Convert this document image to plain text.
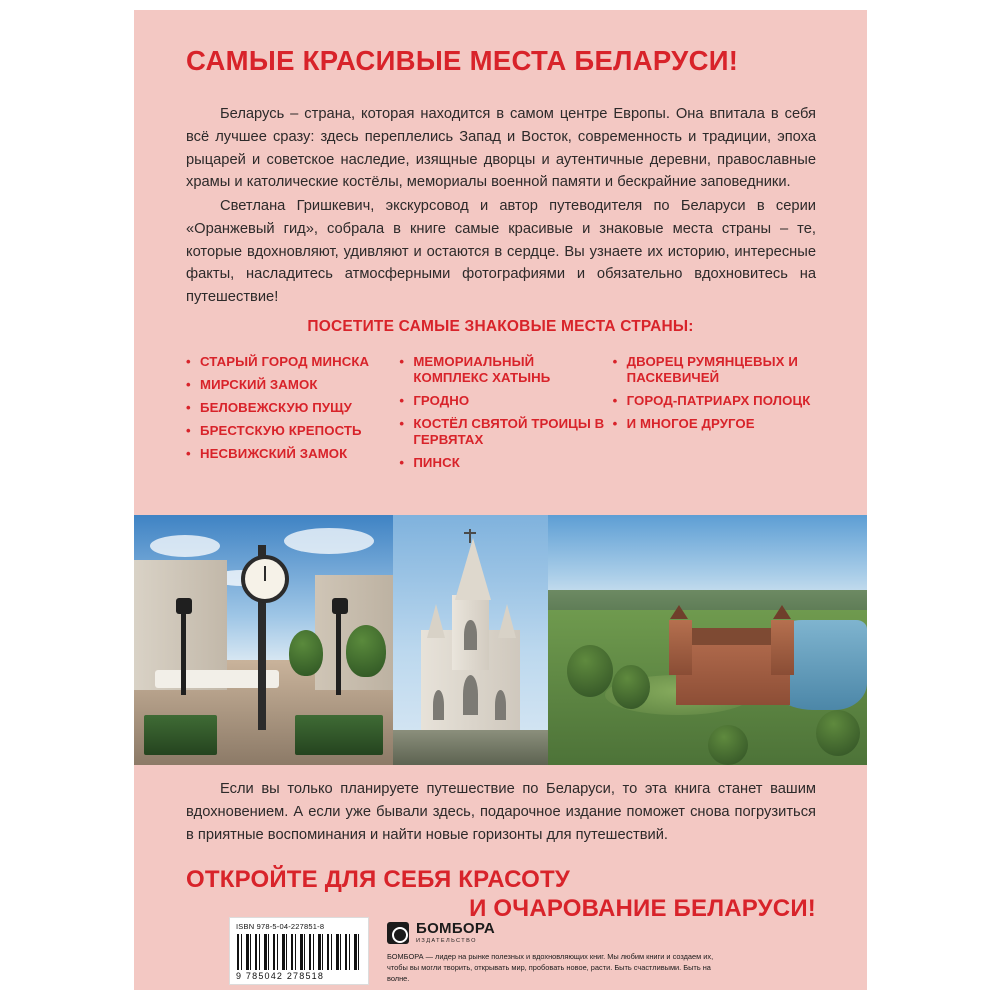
САМЫЕ КРАСИВЫЕ МЕСТА БЕЛАРУСИ!

Беларусь – страна, которая находится в самом центре Европы. Она впитала в себя всё лучшее сразу: здесь переплелись Запад и Восток, современность и традиции, эпоха рыцарей и советское наследие, изящные дворцы и аутентичные деревни, православные храмы и католические костёлы, мемориалы военной памяти и бескрайние заповедники.

Светлана Гришкевич, экскурсовод и автор путеводителя по Беларуси в серии «Оранжевый гид», собрала в книге самые красивые и знаковые места страны – те, которые вдохновляют, удивляют и остаются в сердце. Вы узнаете их историю, интересные факты, насладитесь атмосферными фотографиями и обязательно вдохновитесь на путешествие!

ПОСЕТИТЕ САМЫЕ ЗНАКОВЫЕ МЕСТА СТРАНЫ:
• СТАРЫЙ ГОРОД МИНСКА
• МИРСКИЙ ЗАМОК
• БЕЛОВЕЖСКУЮ ПУЩУ
• БРЕСТСКУЮ КРЕПОСТЬ
• НЕСВИЖСКИЙ ЗАМОК
• МЕМОРИАЛЬНЫЙ КОМПЛЕКС ХАТЫНЬ
• ГРОДНО
• КОСТЁЛ СВЯТОЙ ТРОИЦЫ В ГЕРВЯТАХ
• ПИНСК
• ДВОРЕЦ РУМЯНЦЕВЫХ И ПАСКЕВИЧЕЙ
• ГОРОД-ПАТРИАРХ ПОЛОЦК
• И МНОГОЕ ДРУГОЕ

Если вы только планируете путешествие по Беларуси, то эта книга станет вашим вдохновением. А если уже бывали здесь, подарочное издание поможет снова погрузиться в приятные воспоминания и найти новые горизонты для путешествий.

ОТКРОЙТЕ ДЛЯ СЕБЯ КРАСОТУ
И ОЧАРОВАНИЕ БЕЛАРУСИ!
ISBN 978-5-04-227851-8
9 785042 278518
БОМБОРА
ИЗДАТЕЛЬСТВО
БОМБОРА — лидер на рынке полезных и вдохновляющих книг. Мы любим книги и создаем их, чтобы вы могли творить, открывать мир, пробовать новое, расти. Быть счастливыми. Быть на волне.
